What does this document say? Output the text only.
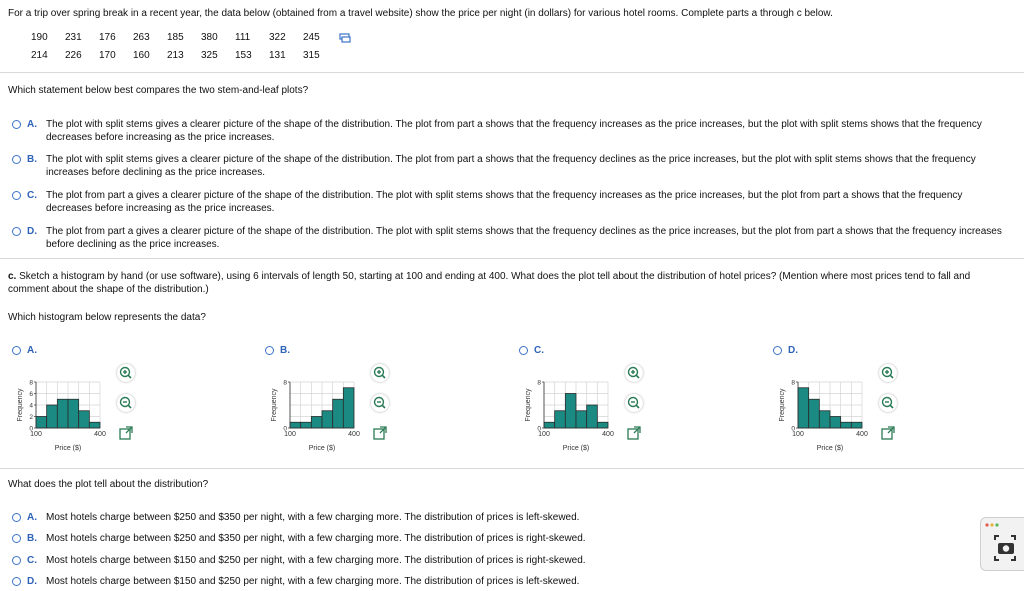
For a trip over spring break in a recent year, the data below (obtained from a travel website) show the price per night (in dollars) for various hotel rooms. Complete parts a through c below.
190	231	176	263	185	380	111	322	245
214	226	170	160	213	325	153	131	315
Which statement below best compares the two stem-and-leaf plots?
A. The plot with split stems gives a clearer picture of the shape of the distribution. The plot from part a shows that the frequency increases as the price increases, but the plot with split stems shows that the frequency decreases before increasing as the price increases.
B. The plot with split stems gives a clearer picture of the shape of the distribution. The plot from part a shows that the frequency declines as the price increases, but the plot with split stems shows that the frequency increases before declining as the price increases.
C. The plot from part a gives a clearer picture of the shape of the distribution. The plot with split stems shows that the frequency increases as the price increases, but the plot from part a shows that the frequency decreases before increasing as the price increases.
D. The plot from part a gives a clearer picture of the shape of the distribution. The plot with split stems shows that the frequency declines as the price increases, but the plot from part a shows that the frequency increases before declining as the price increases.
c. Sketch a histogram by hand (or use software), using 6 intervals of length 50, starting at 100 and ending at 400. What does the plot tell about the distribution of hotel prices? (Mention where most prices tend to fall and comment about the shape of the distribution.)
Which histogram below represents the data?
A.	B.	C.	D.
0
2
4
6
8
100	400
Price ($)
Frequency
0
8
100	400
Price ($)
Frequency
0
8
100	400
Price ($)
Frequency
0
8
100	400
Price ($)
Frequency
What does the plot tell about the distribution?
A. Most hotels charge between $250 and $350 per night, with a few charging more. The distribution of prices is left-skewed.
B. Most hotels charge between $250 and $350 per night, with a few charging more. The distribution of prices is right-skewed.
C. Most hotels charge between $150 and $250 per night, with a few charging more. The distribution of prices is right-skewed.
D. Most hotels charge between $150 and $250 per night, with a few charging more. The distribution of prices is left-skewed.
